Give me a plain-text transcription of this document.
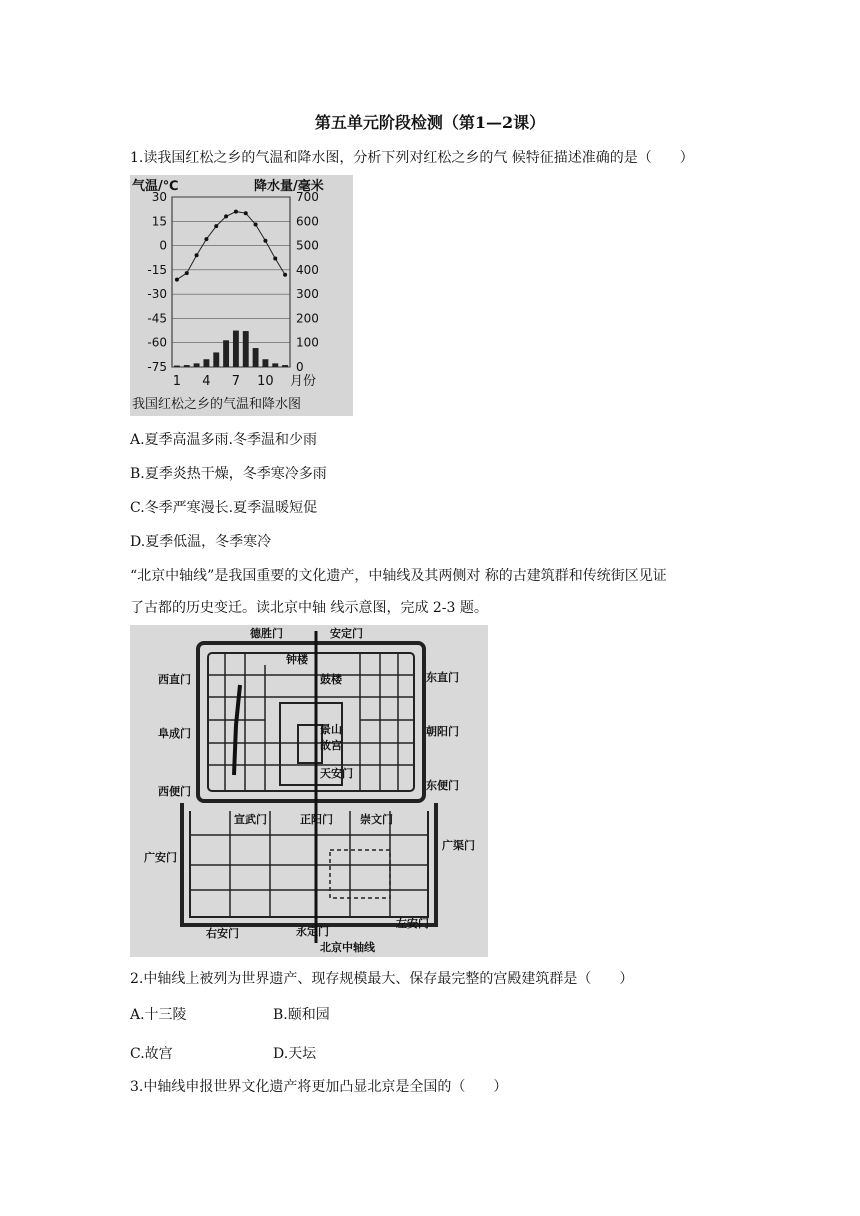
第五单元阶段检测（第1—2课）
1.读我国红松之乡的气温和降水图，分析下列对红松之乡的气 候特征描述准确的是（　　）
气温/℃	降水量/毫米
30
15
0
-15
-30
-45
-60
-75
700
600
500
400
300
200
100
0
1 4 7 10 月份
我国红松之乡的气温和降水图
A.夏季高温多雨.冬季温和少雨
B.夏季炎热干燥，冬季寒冷多雨
C.冬季严寒漫长.夏季温暖短促
D.夏季低温，冬季寒冷
“北京中轴线”是我国重要的文化遗产，中轴线及其两侧对 称的古建筑群和传统街区见证
了古都的历史变迁。读北京中轴 线示意图，完成 2-3 题。
德胜门	安定门
钟楼
鼓楼
西直门	东直门
景山
故宫
阜成门	朝阳门
天安门
西便门	东便门
宣武门	正阳门 崇文门
广安门
广渠门
右安门	永定门
左安门
北京中轴线
2.中轴线上被列为世界遗产、现存规模最大、保存最完整的宫殿建筑群是（　　）
A.十三陵	B.颐和园
C.故宫	D.天坛
3.中轴线申报世界文化遗产将更加凸显北京是全国的（　　）
